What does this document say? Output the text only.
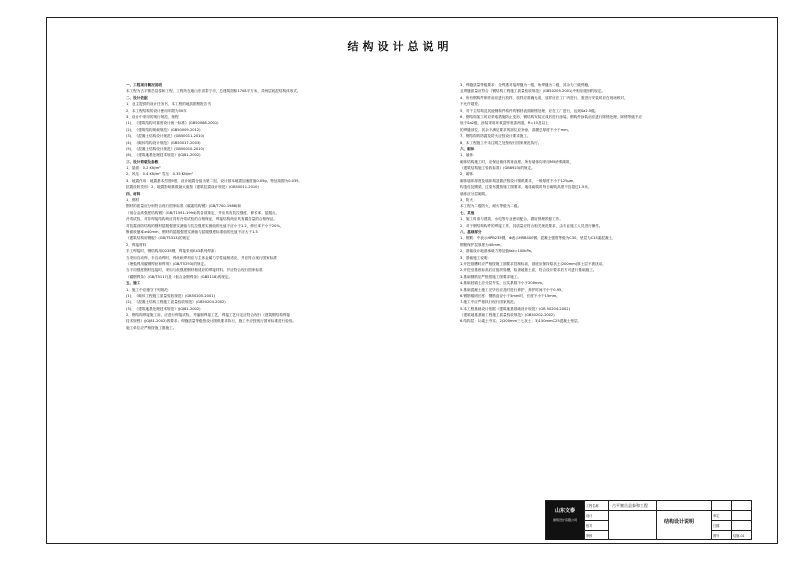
结构设计总说明
一、工程项目概况说明
本工程为古平寨岳县泰和工程，工程所在地山东省泰宁市，总建筑面积1708平方米，共两层砖混结构体形式。
二、设计依据
1、业主提供的设计任务书，本工程的地质勘察报告书
2、本工程结构的设计使用年限为50年
3、设计中采用的现行规范、规程
(1)、《建筑结构可靠度设计统一标准》(GB50068-2001)
(2)、《建筑结构荷载规范》(GB50009-2012)
(3)、《混凝土结构设计规范》(GB50011-2010)
(4)、《砌体结构设计规范》(GB50017-2003)
(5)、《混凝土结构设计规范》(GB50010-2010)
(6)、《建筑地基处理技术规范》(JGJ81-2002)
三、设计荷载及参数
1、屋面：0.2 KN/m²
2、风压：0.4 KN/m² 雪压：0.35 KN/m²
3、地震作用：地震基本烈度6度，设计地震分组为第二组，设计基本地震加速度值0.05g，特征周期为0.035，
抗震设防类别：2、地震影响系数最大值按《建筑抗震设计规范》(GB50011-2010)
四、材料
1、钢材
钢材的质量应分别符合现行国家标准《碳素结构钢》(GB/T700-1988)和
《低合金高强度结构钢》(GB/T1591-1994)的各项规定，并应具有抗拉强度、伸长率、屈服点、
冷弯试验，对非焊接结构尚应具有冷弯试验的合格保证，焊接结构尚应具有碳含量的合格保证。
对抗震设防结构的钢材屈服强度实测值与抗拉强度实测值的比值不应小于1.2，伸长率不小于20%，
断面收缩率≥40mm，钢材的屈服强度实测值与屈服强度标准值的比值不应大于1.3
《建筑结构用钢板》(GB/T5313)的规定
2、焊接材料
手工焊接时，钢结构用Q235钢，焊接采用E43系列焊条；
当采用自动焊、半自动焊时，焊丝和焊剂应与主体金属力学性能相适应，并应符合现行国家标准
《埋弧焊用碳钢焊丝和焊剂》(GB/T5293)的规定。
当不同强度钢材连接时，采用与低强度钢材相适应的焊接材料，并应符合现行国家标准
《碳钢焊条》(GB/T5117)及《低合金钢焊条》(GB5118)的规定。
五、施工
1、施工中应遵守下列规范：
(1)、《砌体工程施工质量验收规范》(GB50205-2001)
(2)、《混凝土结构工程施工质量验收规范》(GB50204-2002)
(3)、《建筑地基处理技术规范》(JGJ81-2002)
2、钢结构焊接施工前，应进行焊接试验，并编制焊接工艺，焊接工艺评定应符合现行《建筑钢结构焊接
技术规程》(JGJ81-2002)的要求；焊缝质量等级按设计图纸要求执行，施工中应按现行国家标准进行检验。
施工单位应严格按施工图施工。
3、焊缝质量等级要求：全焊透对接焊缝为一级，角焊缝为二级，其余为三级焊缝，
且焊缝质量应符合《钢结构工程施工质量验收规范》(GB50205-2001)中相应级别的规定。
4、所有钢构件制作前应进行放样，放样应准确无误，放样应在工厂内进行，需进行安装时应在现场核对，
不允许超差。
5、对于主结构及其他钢构件构件的钢材表面除锈处理，应在工厂进行，达到Sa2.5级。
6、钢结构加工时应采取措施防止变形，钢结构安装完成后进行涂装。钢构件涂装前应进行除锈处理，除锈等级不应
低于Sa2级，涂装采用环氧富锌底漆两道，R=10及以上
的焊缝部位，其余不满足要求的部位应补涂，漆膜总厚度不小于mm。
7、钢结构的防腐及防火应按设计要求施工。
8、本工程施工中未注明之处按现行国家规范执行。
六、砌体
1、墙体：
砌体结构施工时，应保证墙体的垂直度，所有墙体均采用M5砂浆砌筑，
《建筑结构施工验收标准》(GB8923)的规定。
2、砌体：
砌体墙体厚度及墙体构造做法按设计图纸要求，一般厚度不小于125μm，
构造柱及圈梁、过梁布置按施工图要求，墙体砌筑时每日砌筑高度不宜超过1.5米，
墙体应分层砌筑。
3、防火
本工程为二级防火，耐火等级为二级。
七、其他
1、施工时请与建筑、水电等专业密切配合，做好预埋预留工作。
2、对于钢结构构件的焊接工作，其质量应符合相关规范要求，由专业施工人员进行操作。
八、基础部分
1、钢筋：中表示HPB235钢，Φ表示HRB400钢；混凝土强度等级为C30，垫层为C15素混凝土，
钢筋保护层厚度为40mm。
2、基础设计地基承载力特征值fak=100kPa。
3、基础施工说明：
1.开挖基槽时应严格按施工图要求控制标高，基底应保持原状土(200mm)厚土层不被扰动。
2.开挖至基底标高后应组织验槽，检查地基土质，符合设计要求后方可进行基础施工。
3.基础钢筋应严格按施工图要求施工。
4.基础回填土应分层夯实，压实系数不小于200mm。
5.基础混凝土施工完毕后应及时进行养护，养护时间不小于0.95。
6.钢筋锚固长度：钢筋直径小于5mm时，长度不小于15mm。
7.施工中应严格执行现行国家规范。
5.本工程基础设计依据《建筑地基基础设计规范》(GB 50204-2002)
《建筑地基基础工程施工质量验收规范》(GB50202-2002)
6.结构层：1)素土夯实；2)200mm三七灰土；3)150mmC25混凝土垫层。
山东文泰
建筑设计有限公司
工程名称	古平寨岳县泰和工程
设计
校对
审核
结构设计说明
审定
日期
图号	结施-01
